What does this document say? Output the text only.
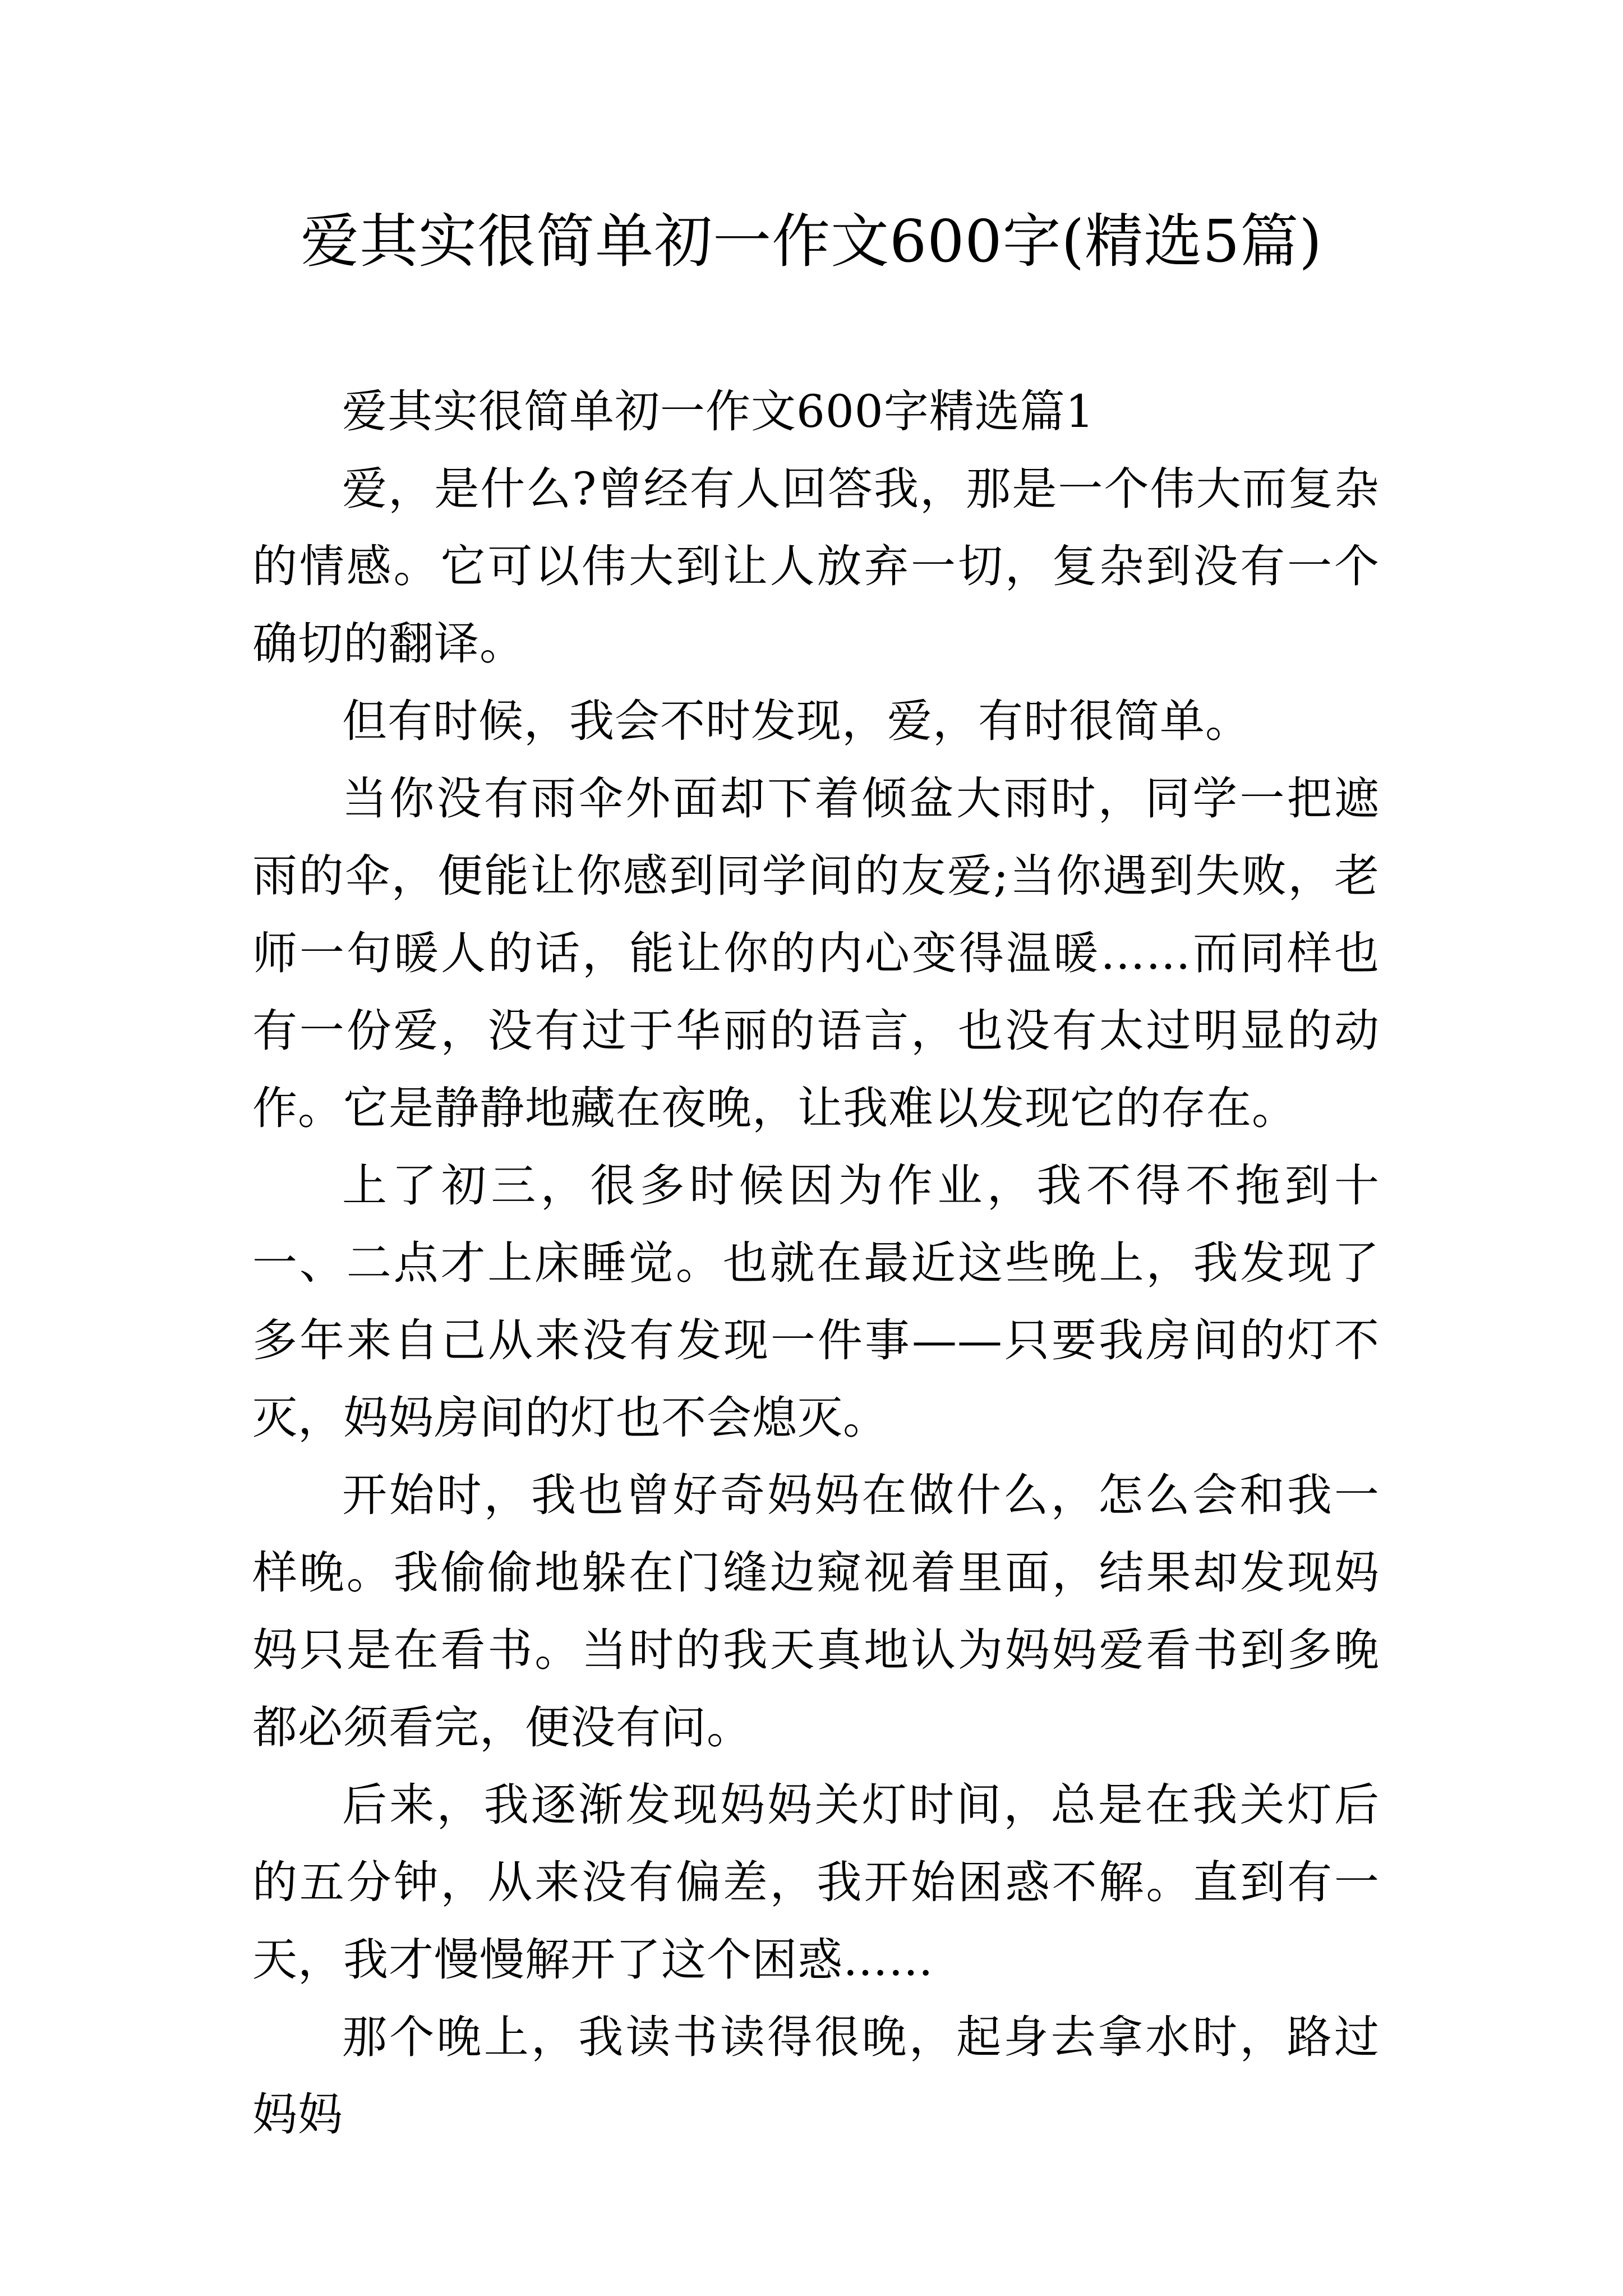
爱其实很简单初一作文600字(精选5篇)

爱其实很简单初一作文600字精选篇1

爱，是什么?曾经有人回答我，那是一个伟大而复杂的情感。它可以伟大到让人放弃一切，复杂到没有一个确切的翻译。

但有时候，我会不时发现，爱，有时很简单。

当你没有雨伞外面却下着倾盆大雨时，同学一把遮雨的伞，便能让你感到同学间的友爱;当你遇到失败，老师一句暖人的话，能让你的内心变得温暖……而同样也有一份爱，没有过于华丽的语言，也没有太过明显的动作。它是静静地藏在夜晚，让我难以发现它的存在。

上了初三，很多时候因为作业，我不得不拖到十一、二点才上床睡觉。也就在最近这些晚上，我发现了多年来自己从来没有发现一件事——只要我房间的灯不灭，妈妈房间的灯也不会熄灭。

开始时，我也曾好奇妈妈在做什么，怎么会和我一样晚。我偷偷地躲在门缝边窥视着里面，结果却发现妈妈只是在看书。当时的我天真地认为妈妈爱看书到多晚都必须看完，便没有问。

后来，我逐渐发现妈妈关灯时间，总是在我关灯后的五分钟，从来没有偏差，我开始困惑不解。直到有一天，我才慢慢解开了这个困惑……

那个晚上，我读书读得很晚，起身去拿水时，路过妈妈
